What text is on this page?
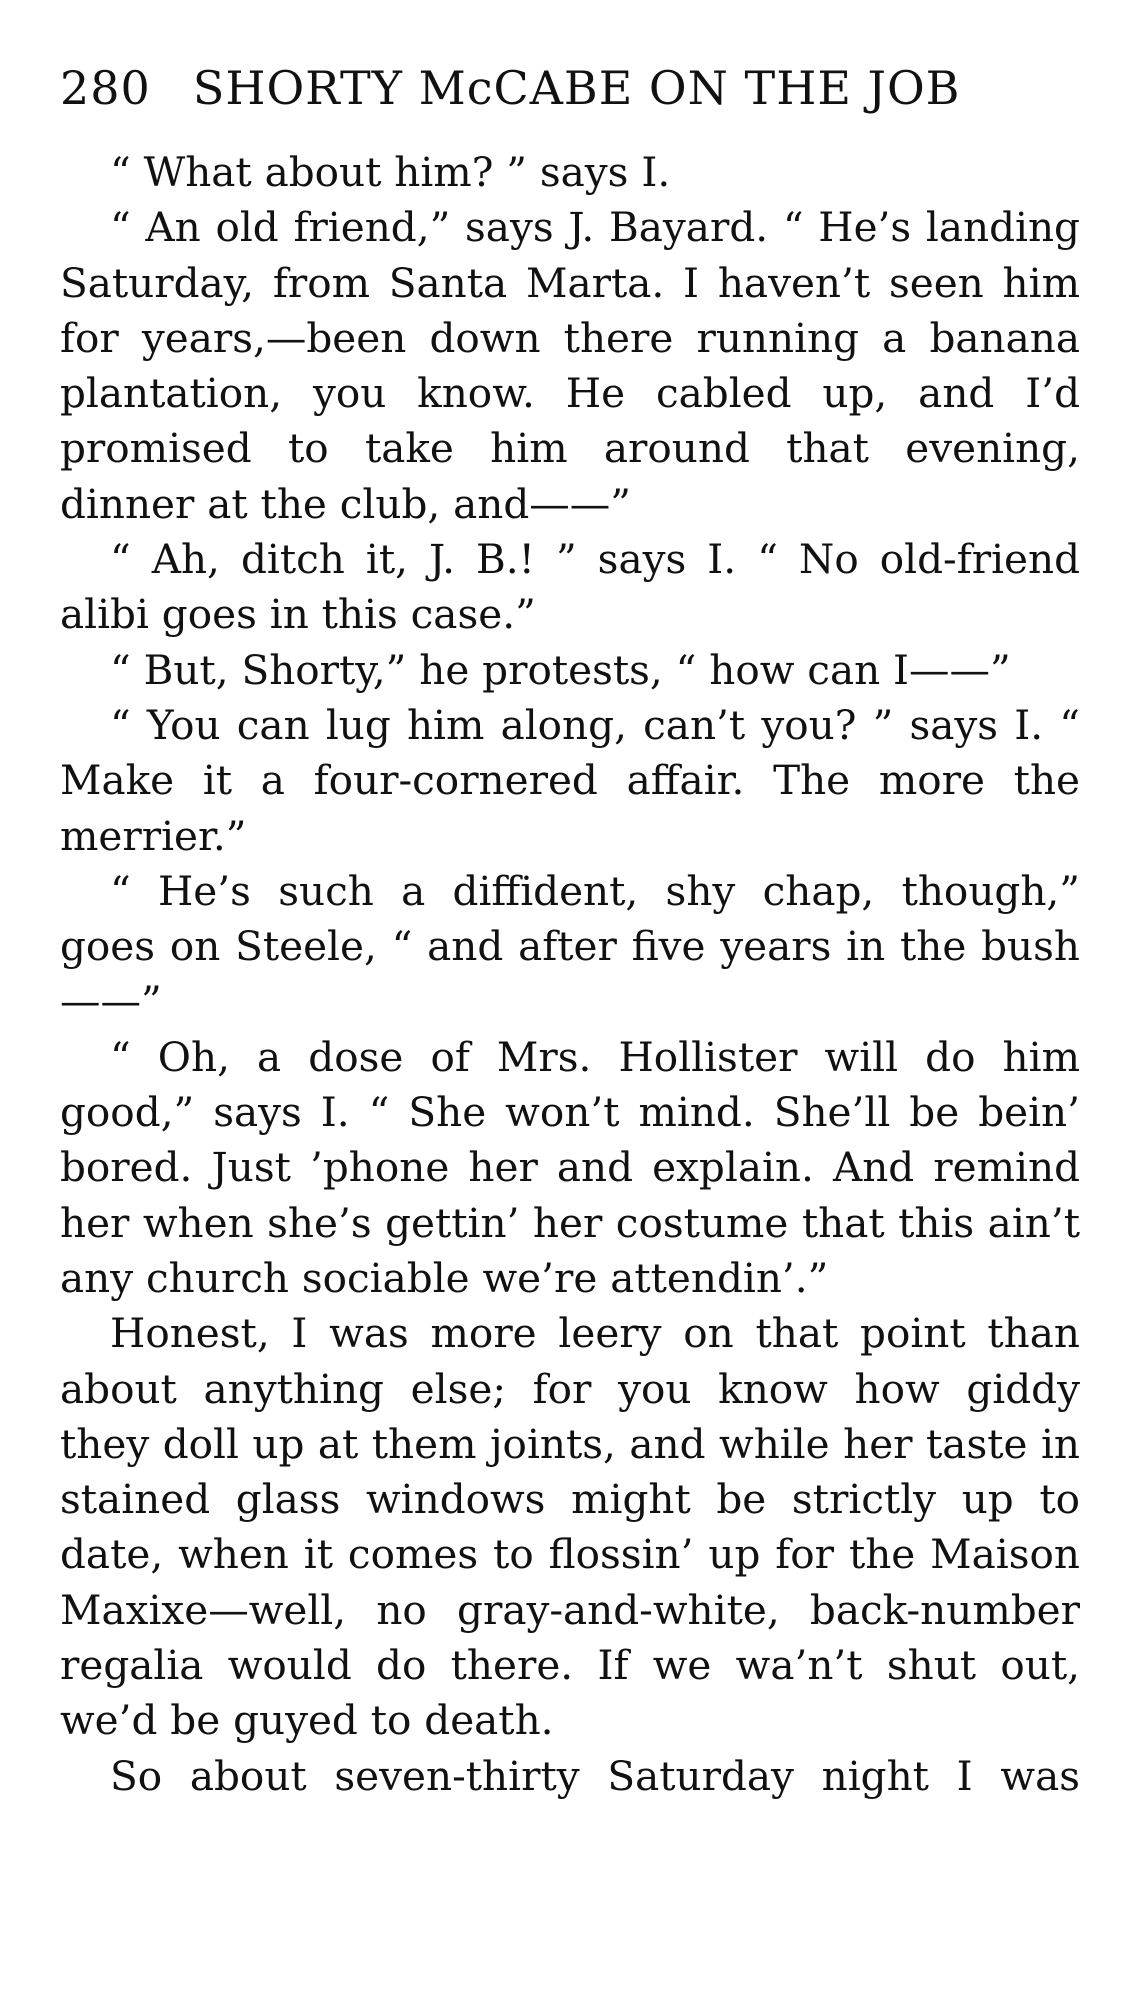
280 SHORTY McCABE ON THE JOB

“ What about him? ” says I.

“ An old friend,” says J. Bayard. “ He’s landing Saturday, from Santa Marta. I haven’t seen him for years,—been down there running a banana plantation, you know. He cabled up, and I’d promised to take him around that evening, dinner at the club, and——”

“ Ah, ditch it, J. B.! ” says I. “ No old-friend alibi goes in this case.”

“ But, Shorty,” he protests, “ how can I——”

“ You can lug him along, can’t you? ” says I. “ Make it a four-cornered affair. The more the merrier.”

“ He’s such a diffident, shy chap, though,” goes on Steele, “ and after five years in the bush——”

“ Oh, a dose of Mrs. Hollister will do him good,” says I. “ She won’t mind. She’ll be bein’ bored. Just ’phone her and explain. And remind her when she’s gettin’ her costume that this ain’t any church sociable we’re attendin’.”

Honest, I was more leery on that point than about anything else; for you know how giddy they doll up at them joints, and while her taste in stained glass windows might be strictly up to date, when it comes to flossin’ up for the Maison Maxixe—well, no gray-and-white, back-number regalia would do there. If we wa’n’t shut out, we’d be guyed to death.

So about seven-thirty Saturday night I was
